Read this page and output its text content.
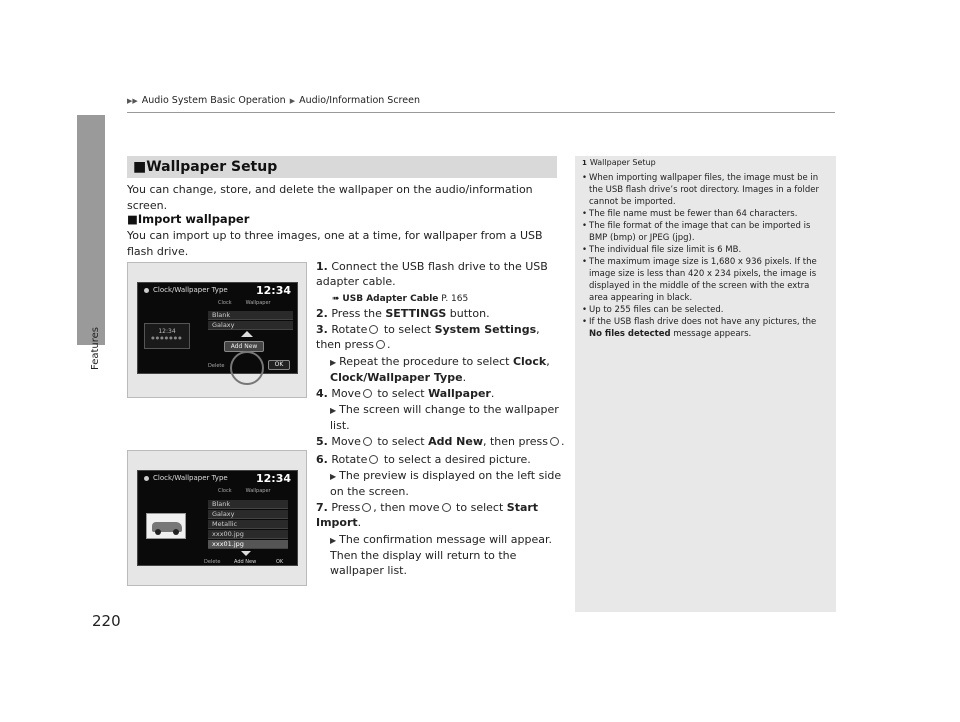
▶▶ Audio System Basic Operation ▶ Audio/Information Screen
Features
220
■Wallpaper Setup
You can change, store, and delete the wallpaper on the audio/information screen.
■Import wallpaper
You can import up to three images, one at a time, for wallpaper from a USB flash drive.
Clock/Wallpaper Type	12:34
Clock	Wallpaper
Blank
Galaxy
12:34
●●●●●●●
Add New
Delete	OK
Clock/Wallpaper Type	12:34
Clock	Wallpaper
Blank
Galaxy
Metallic
xxx00.jpg
xxx01.jpg
Delete	Add New	OK
1. Connect the USB flash drive to the USB adapter cable.
➠ USB Adapter Cable P. 165
2. Press the SETTINGS button.
3. Rotate to select System Settings, then press .
▶ Repeat the procedure to select Clock, Clock/Wallpaper Type.
4. Move to select Wallpaper.
▶ The screen will change to the wallpaper list.
5. Move to select Add New, then press .
6. Rotate to select a desired picture.
▶ The preview is displayed on the left side on the screen.
7. Press , then move to select Start Import.
▶ The confirmation message will appear. Then the display will return to the wallpaper list.
1 Wallpaper Setup
• When importing wallpaper files, the image must be in the USB flash drive’s root directory. Images in a folder cannot be imported.
• The file name must be fewer than 64 characters.
• The file format of the image that can be imported is BMP (bmp) or JPEG (jpg).
• The individual file size limit is 6 MB.
• The maximum image size is 1,680 x 936 pixels. If the image size is less than 420 x 234 pixels, the image is displayed in the middle of the screen with the extra area appearing in black.
• Up to 255 files can be selected.
• If the USB flash drive does not have any pictures, the No files detected message appears.
